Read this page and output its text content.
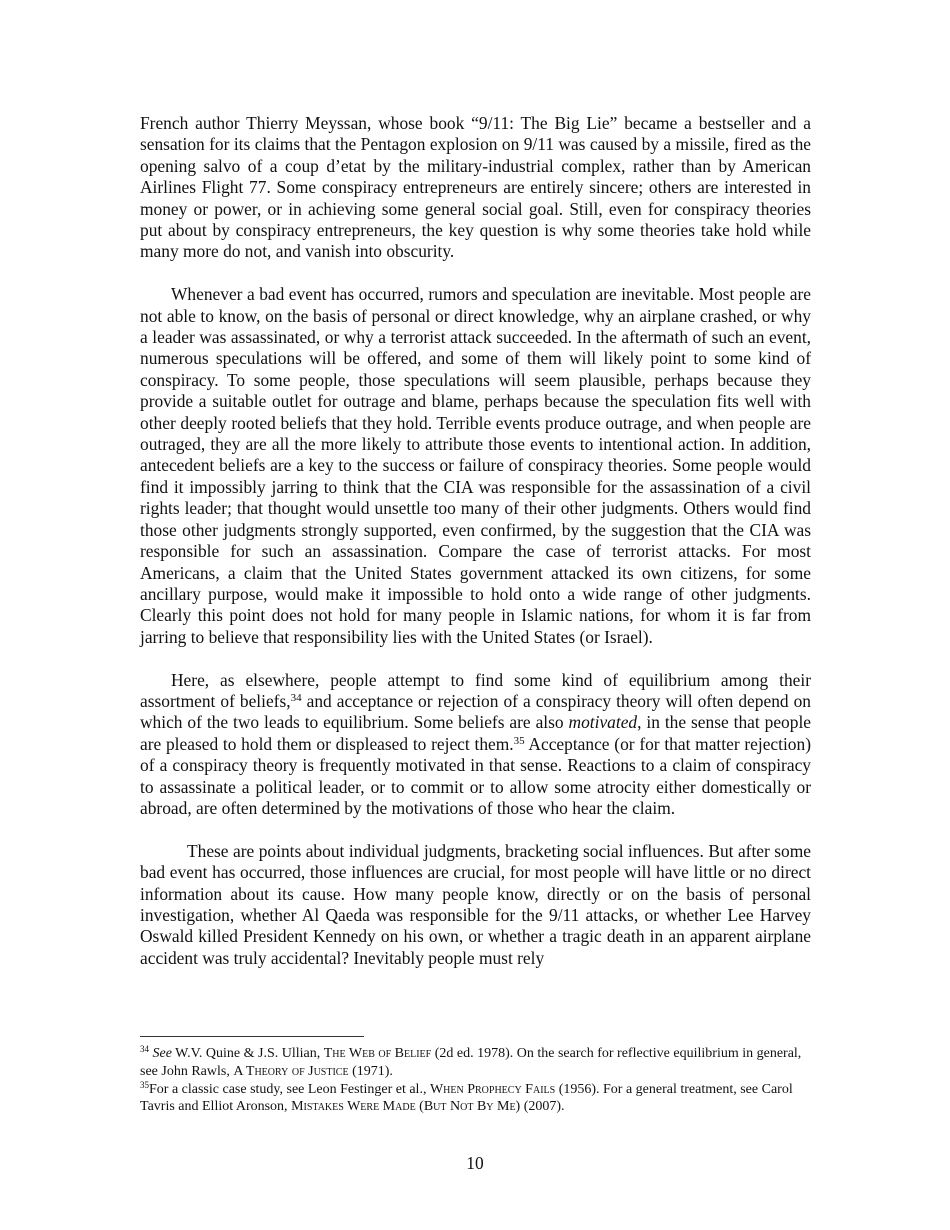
French author Thierry Meyssan, whose book “9/11: The Big Lie” became a bestseller and a sensation for its claims that the Pentagon explosion on 9/11 was caused by a missile, fired as the opening salvo of a coup d’etat by the military-industrial complex, rather than by American Airlines Flight 77. Some conspiracy entrepreneurs are entirely sincere; others are interested in money or power, or in achieving some general social goal. Still, even for conspiracy theories put about by conspiracy entrepreneurs, the key question is why some theories take hold while many more do not, and vanish into obscurity.

Whenever a bad event has occurred, rumors and speculation are inevitable. Most people are not able to know, on the basis of personal or direct knowledge, why an airplane crashed, or why a leader was assassinated, or why a terrorist attack succeeded. In the aftermath of such an event, numerous speculations will be offered, and some of them will likely point to some kind of conspiracy. To some people, those speculations will seem plausible, perhaps because they provide a suitable outlet for outrage and blame, perhaps because the speculation fits well with other deeply rooted beliefs that they hold. Terrible events produce outrage, and when people are outraged, they are all the more likely to attribute those events to intentional action. In addition, antecedent beliefs are a key to the success or failure of conspiracy theories. Some people would find it impossibly jarring to think that the CIA was responsible for the assassination of a civil rights leader; that thought would unsettle too many of their other judgments. Others would find those other judgments strongly supported, even confirmed, by the suggestion that the CIA was responsible for such an assassination. Compare the case of terrorist attacks. For most Americans, a claim that the United States government attacked its own citizens, for some ancillary purpose, would make it impossible to hold onto a wide range of other judgments. Clearly this point does not hold for many people in Islamic nations, for whom it is far from jarring to believe that responsibility lies with the United States (or Israel).

Here, as elsewhere, people attempt to find some kind of equilibrium among their assortment of beliefs,$^{34}$ and acceptance or rejection of a conspiracy theory will often depend on which of the two leads to equilibrium. Some beliefs are also motivated, in the sense that people are pleased to hold them or displeased to reject them.$^{35}$ Acceptance (or for that matter rejection) of a conspiracy theory is frequently motivated in that sense. Reactions to a claim of conspiracy to assassinate a political leader, or to commit or to allow some atrocity either domestically or abroad, are often determined by the motivations of those who hear the claim.

These are points about individual judgments, bracketing social influences. But after some bad event has occurred, those influences are crucial, for most people will have little or no direct information about its cause. How many people know, directly or on the basis of personal investigation, whether Al Qaeda was responsible for the 9/11 attacks, or whether Lee Harvey Oswald killed President Kennedy on his own, or whether a tragic death in an apparent airplane accident was truly accidental? Inevitably people must rely

$^{34}$ See W.V. Quine & J.S. Ullian, The Web of Belief (2d ed. 1978). On the search for reflective equilibrium in general, see John Rawls, A Theory of Justice (1971).

$^{35}$For a classic case study, see Leon Festinger et al., When Prophecy Fails (1956). For a general treatment, see Carol Tavris and Elliot Aronson, Mistakes Were Made (But Not By Me) (2007).

10
